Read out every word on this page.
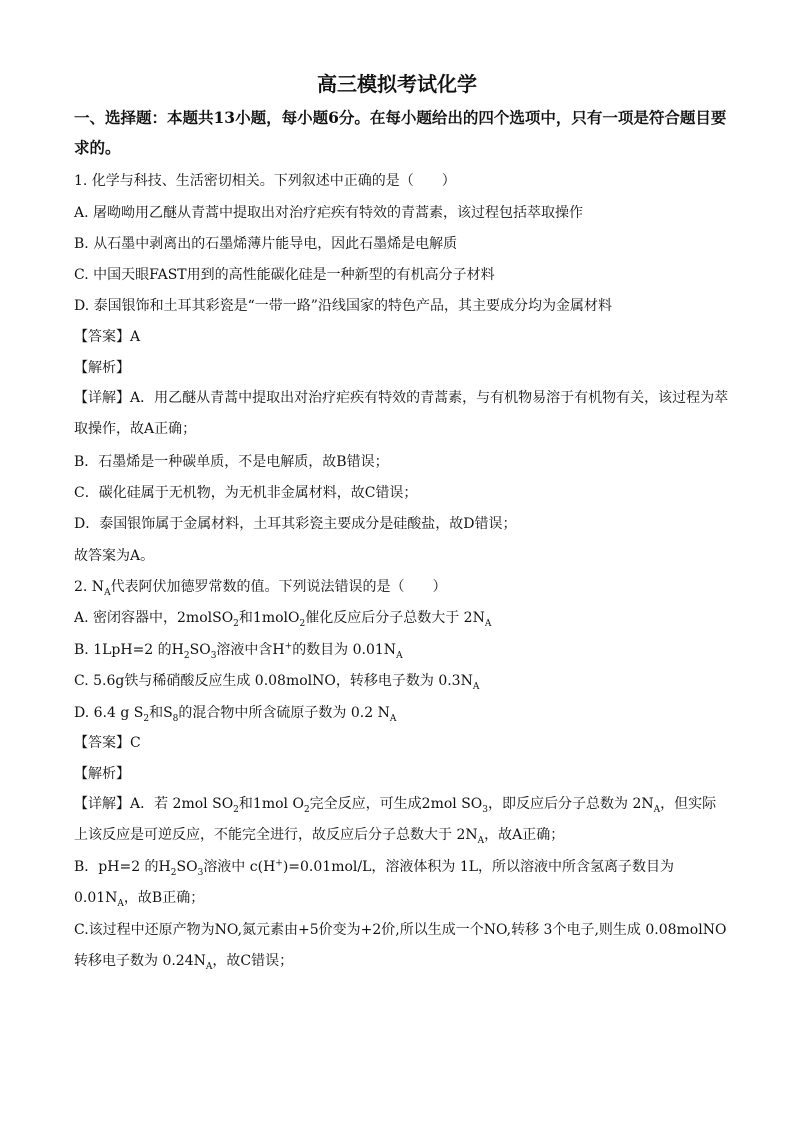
高三模拟考试化学
一、选择题：本题共13小题，每小题6分。在每小题给出的四个选项中，只有一项是符合题目要求的。
1. 化学与科技、生活密切相关。下列叙述中正确的是（　　）
A. 屠呦呦用乙醚从青蒿中提取出对治疗疟疾有特效的青蒿素，该过程包括萃取操作
B. 从石墨中剥离出的石墨烯薄片能导电，因此石墨烯是电解质
C. 中国天眼FAST用到的高性能碳化硅是一种新型的有机高分子材料
D. 泰国银饰和土耳其彩瓷是“一带一路”沿线国家的特色产品，其主要成分均为金属材料
【答案】A
【解析】
【详解】A．用乙醚从青蒿中提取出对治疗疟疾有特效的青蒿素，与有机物易溶于有机物有关，该过程为萃取操作，故A正确；
B．石墨烯是一种碳单质，不是电解质，故B错误；
C．碳化硅属于无机物，为无机非金属材料，故C错误；
D．泰国银饰属于金属材料，土耳其彩瓷主要成分是硅酸盐，故D错误；
故答案为A。
2. $N_A$代表阿伏加德罗常数的值。下列说法错误的是（　　）
A. 密闭容器中，2molSO$_2$和1molO$_2$催化反应后分子总数大于 $2N_A$
B. 1LpH=2 的$H_2SO_3$溶液中含H+的数目为 $0.01N_A$
C. 5.6g铁与稀硝酸反应生成 0.08molNO，转移电子数为 $0.3N_A$
D. 6.4 g $S_2$和$S_8$的混合物中所含硫原子数为 0.2 $N_A$
【答案】C
【解析】
【详解】A．若 2mol $SO_2$和1mol $O_2$完全反应，可生成2mol $SO_3$，即反应后分子总数为 $2N_A$，但实际上该反应是可逆反应，不能完全进行，故反应后分子总数大于 $2N_A$，故A正确；
B．pH=2 的$H_2SO_3$溶液中 c(H+)=0.01mol/L，溶液体积为 1L，所以溶液中所含氢离子数目为 $0.01N_A$，故B正确；
C.该过程中还原产物为NO,氮元素由+5价变为+2价,所以生成一个NO,转移 3个电子,则生成 0.08molNO转移电子数为 $0.24N_A$，故C错误；
